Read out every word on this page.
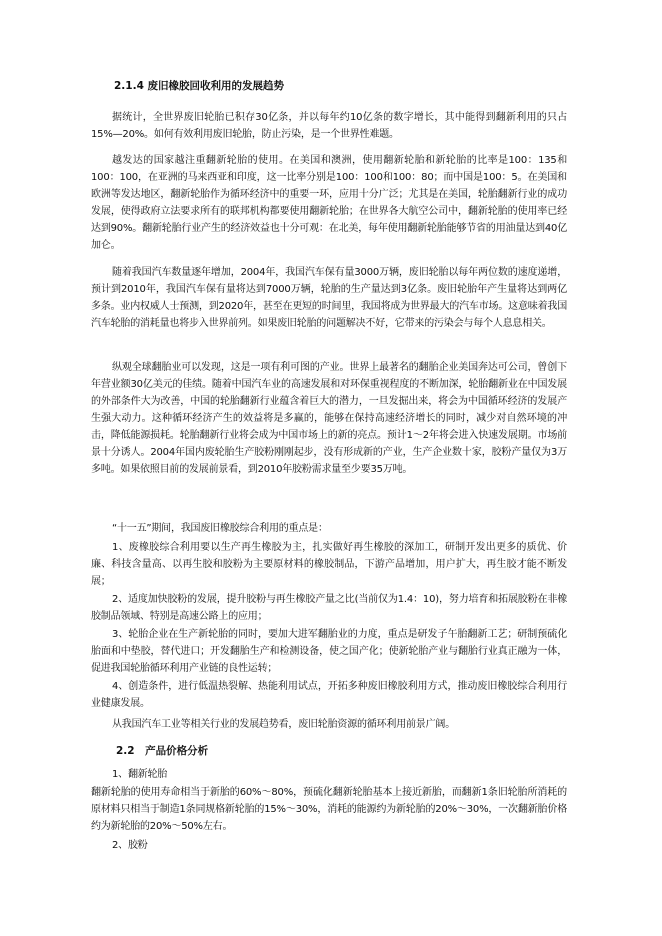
2.1.4 废旧橡胶回收利用的发展趋势

据统计，全世界废旧轮胎已积存30亿条，并以每年约10亿条的数字增长，其中能得到翻新利用的只占15%—20%。如何有效利用废旧轮胎，防止污染，是一个世界性难题。

越发达的国家越注重翻新轮胎的使用。在美国和澳洲，使用翻新轮胎和新轮胎的比率是100：135和100：100，在亚洲的马来西亚和印度，这一比率分别是100：100和100：80；而中国是100：5。在美国和欧洲等发达地区，翻新轮胎作为循环经济中的重要一环，应用十分广泛；尤其是在美国，轮胎翻新行业的成功发展，使得政府立法要求所有的联邦机构都要使用翻新轮胎；在世界各大航空公司中，翻新轮胎的使用率已经达到90%。翻新轮胎行业产生的经济效益也十分可观：在北美，每年使用翻新轮胎能够节省的用油量达到40亿加仑。

随着我国汽车数量逐年增加，2004年，我国汽车保有量3000万辆，废旧轮胎以每年两位数的速度递增，预计到2010年，我国汽车保有量将达到7000万辆，轮胎的生产量达到3亿条。废旧轮胎年产生量将达到两亿多条。业内权威人士预测，到2020年，甚至在更短的时间里，我国将成为世界最大的汽车市场。这意味着我国汽车轮胎的消耗量也将步入世界前列。如果废旧轮胎的问题解决不好，它带来的污染会与每个人息息相关。

纵观全球翻胎业可以发现，这是一项有利可图的产业。世界上最著名的翻胎企业美国奔达可公司，曾创下年营业额30亿美元的佳绩。随着中国汽车业的高速发展和对环保重视程度的不断加深，轮胎翻新业在中国发展的外部条件大为改善，中国的轮胎翻新行业蕴含着巨大的潜力，一旦发掘出来，将会为中国循环经济的发展产生强大动力。这种循环经济产生的效益将是多赢的，能够在保持高速经济增长的同时，减少对自然环境的冲击，降低能源损耗。轮胎翻新行业将会成为中国市场上的新的亮点。预计1～2年将会进入快速发展期。市场前景十分诱人。2004年国内废轮胎生产胶粉刚刚起步，没有形成新的产业，生产企业数十家，胶粉产量仅为3万多吨。如果依照目前的发展前景看，到2010年胶粉需求量至少要35万吨。

“十一五”期间，我国废旧橡胶综合利用的重点是：

1、废橡胶综合利用要以生产再生橡胶为主，扎实做好再生橡胶的深加工，研制开发出更多的质优、价廉、科技含量高、以再生胶和胶粉为主要原材料的橡胶制品，下游产品增加，用户扩大，再生胶才能不断发展；

2、适度加快胶粉的发展，提升胶粉与再生橡胶产量之比(当前仅为1.4：10)，努力培育和拓展胶粉在非橡胶制品领域、特别是高速公路上的应用；

3、轮胎企业在生产新轮胎的同时，要加大进军翻胎业的力度，重点是研发子午胎翻新工艺；研制预硫化胎面和中垫胶，替代进口；开发翻胎生产和检测设备，使之国产化；使新轮胎产业与翻胎行业真正融为一体，促进我国轮胎循环利用产业链的良性运转；

4、创造条件，进行低温热裂解、热能利用试点，开拓多种废旧橡胶利用方式，推动废旧橡胶综合利用行业健康发展。

从我国汽车工业等相关行业的发展趋势看，废旧轮胎资源的循环利用前景广阔。

2.2　产品价格分析

1、翻新轮胎

翻新轮胎的使用寿命相当于新胎的60%～80%，预硫化翻新轮胎基本上接近新胎，而翻新1条旧轮胎所消耗的原材料只相当于制造1条同规格新轮胎的15%～30%，消耗的能源约为新轮胎的20%～30%，一次翻新胎价格约为新轮胎的20%～50%左右。

2、胶粉
